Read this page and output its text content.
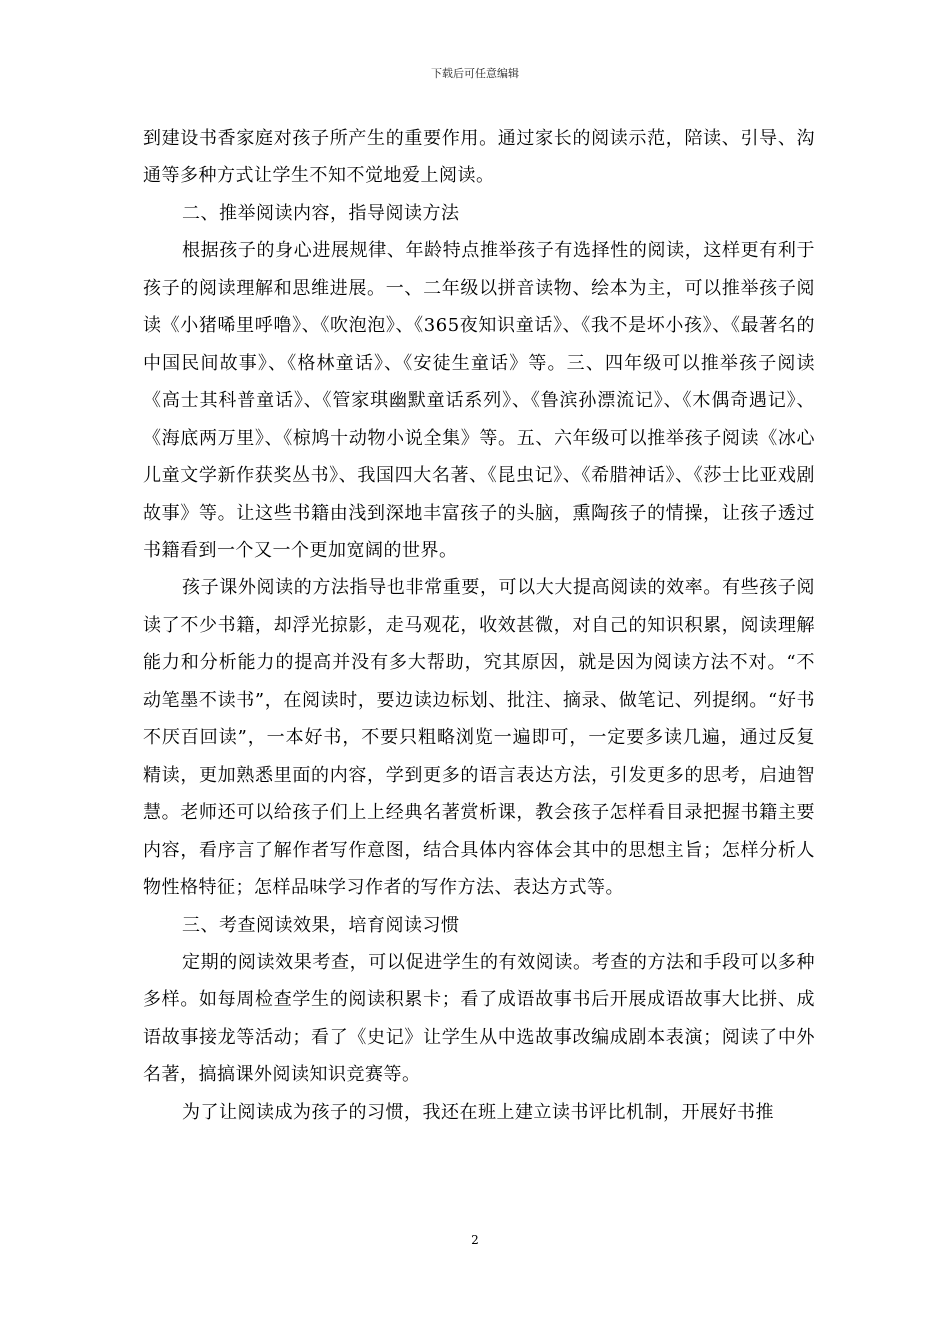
下载后可任意编辑

到建设书香家庭对孩子所产生的重要作用。通过家长的阅读示范，陪读、引导、沟通等多种方式让学生不知不觉地爱上阅读。

二、推举阅读内容，指导阅读方法

根据孩子的身心进展规律、年龄特点推举孩子有选择性的阅读，这样更有利于孩子的阅读理解和思维进展。一、二年级以拼音读物、绘本为主，可以推举孩子阅读《小猪唏里呼噜》、《吹泡泡》、《365夜知识童话》、《我不是坏小孩》、《最著名的中国民间故事》、《格林童话》、《安徒生童话》等。三、四年级可以推举孩子阅读《高士其科普童话》、《管家琪幽默童话系列》、《鲁滨孙漂流记》、《木偶奇遇记》、《海底两万里》、《椋鸠十动物小说全集》等。五、六年级可以推举孩子阅读《冰心儿童文学新作获奖丛书》、我国四大名著、《昆虫记》、《希腊神话》、《莎士比亚戏剧故事》等。让这些书籍由浅到深地丰富孩子的头脑，熏陶孩子的情操，让孩子透过书籍看到一个又一个更加宽阔的世界。

孩子课外阅读的方法指导也非常重要，可以大大提高阅读的效率。有些孩子阅读了不少书籍，却浮光掠影，走马观花，收效甚微，对自己的知识积累，阅读理解能力和分析能力的提高并没有多大帮助，究其原因，就是因为阅读方法不对。“不动笔墨不读书”，在阅读时，要边读边标划、批注、摘录、做笔记、列提纲。“好书不厌百回读”，一本好书，不要只粗略浏览一遍即可，一定要多读几遍，通过反复精读，更加熟悉里面的内容，学到更多的语言表达方法，引发更多的思考，启迪智慧。老师还可以给孩子们上上经典名著赏析课，教会孩子怎样看目录把握书籍主要内容，看序言了解作者写作意图，结合具体内容体会其中的思想主旨；怎样分析人物性格特征；怎样品味学习作者的写作方法、表达方式等。

三、考查阅读效果，培育阅读习惯

定期的阅读效果考查，可以促进学生的有效阅读。考查的方法和手段可以多种多样。如每周检查学生的阅读积累卡；看了成语故事书后开展成语故事大比拼、成语故事接龙等活动；看了《史记》让学生从中选故事改编成剧本表演；阅读了中外名著，搞搞课外阅读知识竞赛等。

为了让阅读成为孩子的习惯，我还在班上建立读书评比机制，开展好书推

2
